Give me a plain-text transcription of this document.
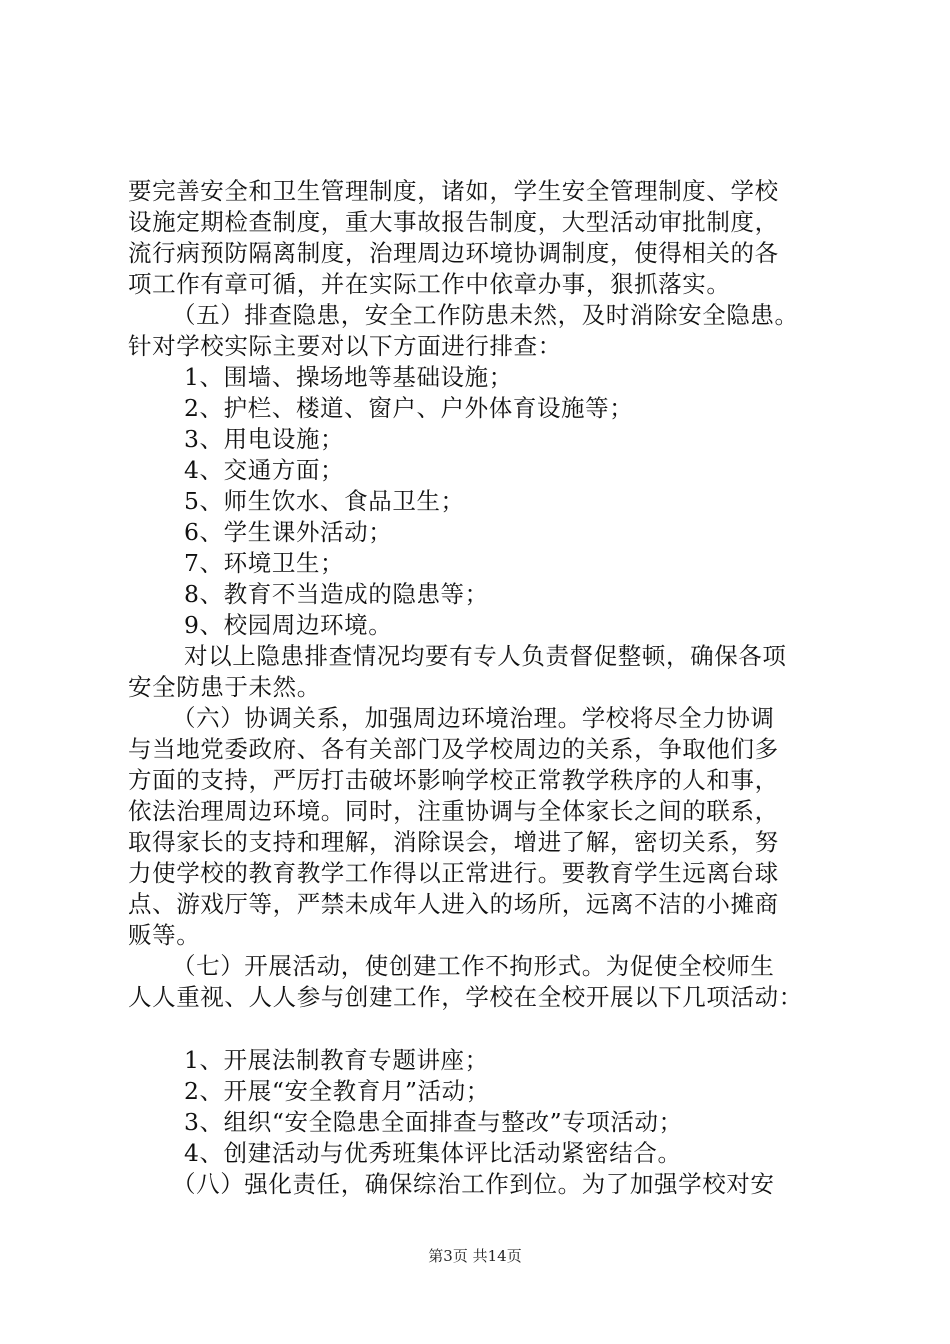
要完善安全和卫生管理制度，诸如，学生安全管理制度、学校
设施定期检查制度，重大事故报告制度，大型活动审批制度，
流行病预防隔离制度，治理周边环境协调制度，使得相关的各
项工作有章可循，并在实际工作中依章办事，狠抓落实。
（五）排查隐患，安全工作防患未然，及时消除安全隐患。
针对学校实际主要对以下方面进行排查：
1、围墙、操场地等基础设施；
2、护栏、楼道、窗户、户外体育设施等；
3、用电设施；
4、交通方面；
5、师生饮水、食品卫生；
6、学生课外活动；
7、环境卫生；
8、教育不当造成的隐患等；
9、校园周边环境。
对以上隐患排查情况均要有专人负责督促整顿，确保各项
安全防患于未然。
（六）协调关系，加强周边环境治理。学校将尽全力协调
与当地党委政府、各有关部门及学校周边的关系，争取他们多
方面的支持，严厉打击破坏影响学校正常教学秩序的人和事，
依法治理周边环境。同时，注重协调与全体家长之间的联系，
取得家长的支持和理解，消除误会，增进了解，密切关系，努
力使学校的教育教学工作得以正常进行。要教育学生远离台球
点、游戏厅等，严禁未成年人进入的场所，远离不洁的小摊商
贩等。
（七）开展活动，使创建工作不拘形式。为促使全校师生
人人重视、人人参与创建工作，学校在全校开展以下几项活动：
1、开展法制教育专题讲座；
2、开展“安全教育月”活动；
3、组织“安全隐患全面排查与整改”专项活动；
4、创建活动与优秀班集体评比活动紧密结合。
（八）强化责任，确保综治工作到位。为了加强学校对安
第3页 共14页
